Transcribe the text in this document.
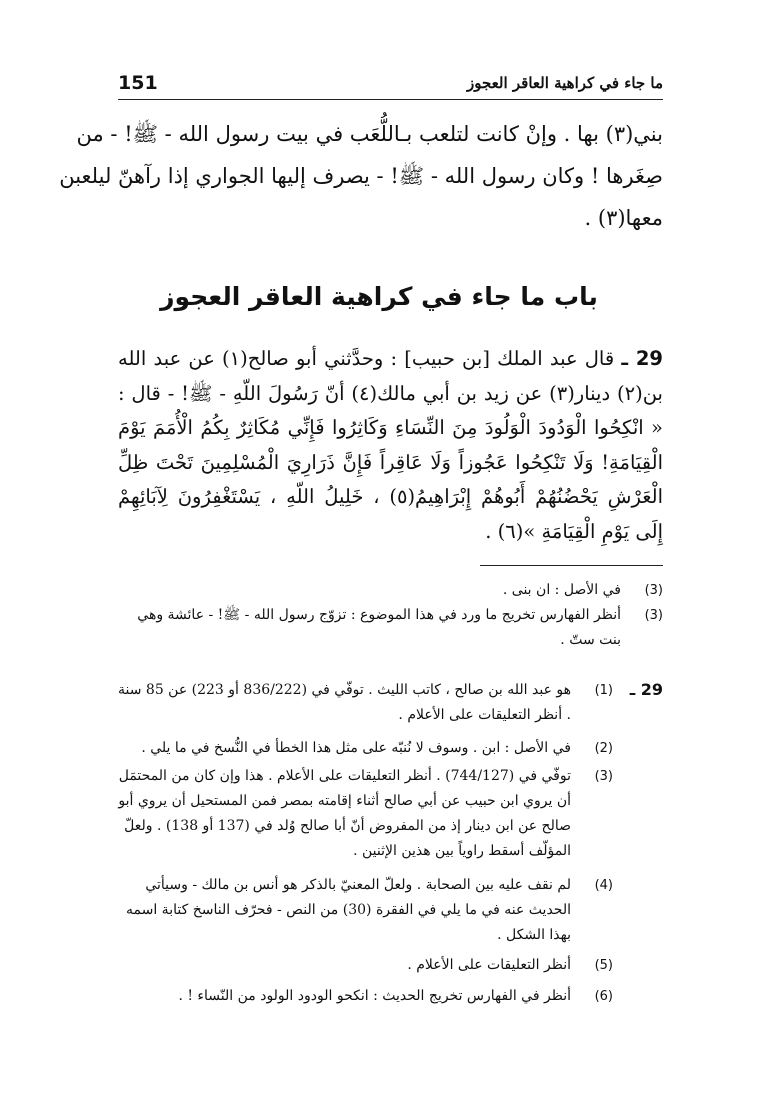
151	ما جاء في كراهية العاقر العجوز
بني(٣) بها . وإنْ كانت لتلعب بـاللُّعَب في بيت رسول الله - ﷺ! - من
صِغَرها ! وكان رسول الله - ﷺ! - يصرف إليها الجواري إذا رآهنّ ليلعبن
معها(٣) .
باب ما جاء في كراهية العاقر العجوز
29 ـ قال عبد الملك [بن حبيب] : وحدَّثني أبو صالح(١) عن عبد الله بن(٢) دينار(٣) عن زيد بن أبي مالك(٤) أنّ رَسُولَ اللّهِ - ﷺ! - قال : « انْكِحُوا الْوَدُودَ الْوَلُودَ مِنَ النِّسَاءِ وَكَاثِرُوا فَإِنِّي مُكَاثِرٌ بِكُمُ الْأُمَمَ يَوْمَ الْقِيَامَةِ! وَلَا تَنْكِحُوا عَجُوزاً وَلَا عَاقِراً فَإِنَّ ذَرَارِيَ الْمُسْلِمِينَ تَحْتَ ظِلِّ الْعَرْشِ يَحْضُنُهُمْ أَبُوهُمْ إِبْرَاهِيمُ(٥) ، خَلِيلُ اللّهِ ، يَسْتَغْفِرُونَ لِآبَائِهِمْ إِلَى يَوْمِ الْقِيَامَةِ »(٦) .
(3)
في الأصل : ان بنى .
(3)
أنظر الفهارس تخريج ما ورد في هذا الموضوع : تزوّج رسول الله - ﷺ! - عائشة وهي بنت ستّ .
29 ـ
(1)
هو عبد الله بن صالح ، كاتب الليث . توفّي في (836/222 أو 223) عن 85 سنة . أنظر التعليقات على الأعلام .
(2)
في الأصل : ابن . وسوف لا نُنبّه على مثل هذا الخطأ في النُّسخ في ما يلي .
(3)
توفّي في (744/127) . أنظر التعليقات على الأعلام . هذا وإن كان من المحتمَل أن يروي ابن حبيب عن أبي صالح أثناء إقامته بمصر فمن المستحيل أن يروي أبو صالح عن ابن دينار إذ من المفروض أنّ أبا صالح وُلد في (137 أو 138) . ولعلّ المؤلّف أسقط راوياً بين هذين الإثنين .
(4)
لم نقف عليه بين الصحابة . ولعلّ المعنيّ بالذكر هو أنس بن مالك - وسيأتي الحديث عنه في ما يلي في الفقرة (30) من النص - فحرّف الناسخ كتابة اسمه بهذا الشكل .
(5)
أنظر التعليقات على الأعلام .
(6)
أنظر في الفهارس تخريج الحديث : انكحو الودود الولود من النّساء ! .
